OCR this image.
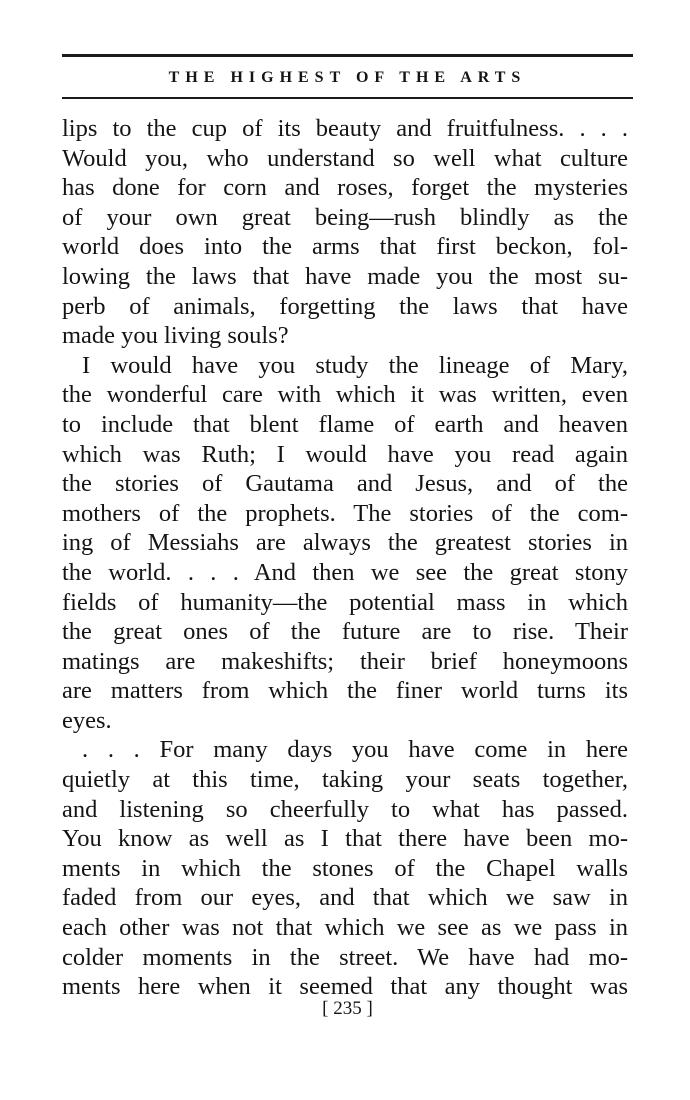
THE HIGHEST OF THE ARTS

lips to the cup of its beauty and fruitfulness. . . .
Would you, who understand so well what culture
has done for corn and roses, forget the mysteries
of your own great being—rush blindly as the
world does into the arms that first beckon, fol-
lowing the laws that have made you the most su-
perb of animals, forgetting the laws that have
made you living souls?
I would have you study the lineage of Mary,
the wonderful care with which it was written, even
to include that blent flame of earth and heaven
which was Ruth; I would have you read again
the stories of Gautama and Jesus, and of the
mothers of the prophets. The stories of the com-
ing of Messiahs are always the greatest stories in
the world. . . . And then we see the great stony
fields of humanity—the potential mass in which
the great ones of the future are to rise. Their
matings are makeshifts; their brief honeymoons
are matters from which the finer world turns its
eyes.
. . . For many days you have come in here
quietly at this time, taking your seats together,
and listening so cheerfully to what has passed.
You know as well as I that there have been mo-
ments in which the stones of the Chapel walls
faded from our eyes, and that which we saw in
each other was not that which we see as we pass in
colder moments in the street. We have had mo-
ments here when it seemed that any thought was

[ 235 ]
